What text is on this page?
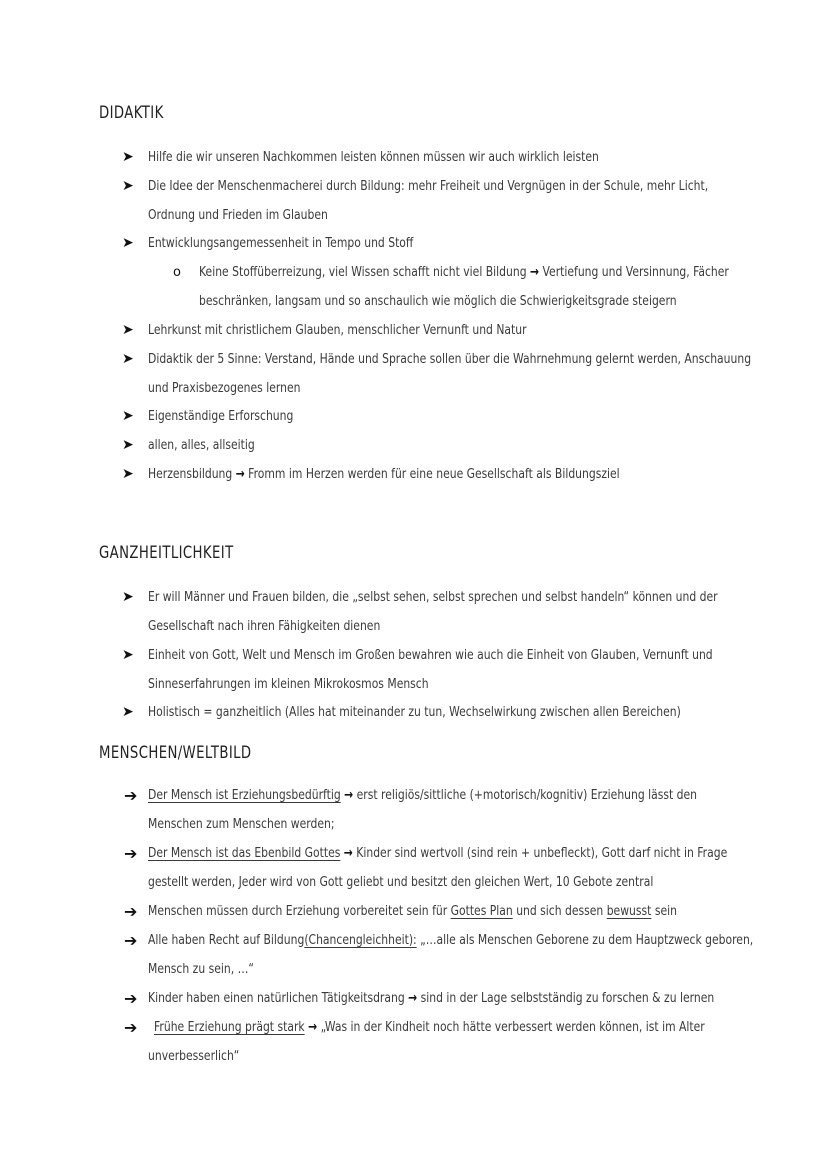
DIDAKTIK
➤ Hilfe die wir unseren Nachkommen leisten können müssen wir auch wirklich leisten
➤ Die Idee der Menschenmacherei durch Bildung: mehr Freiheit und Vergnügen in der Schule, mehr Licht,
Ordnung und Frieden im Glauben
➤ Entwicklungsangemessenheit in Tempo und Stoff
o Keine Stoffüberreizung, viel Wissen schafft nicht viel Bildung → Vertiefung und Versinnung, Fächer
beschränken, langsam und so anschaulich wie möglich die Schwierigkeitsgrade steigern
➤ Lehrkunst mit christlichem Glauben, menschlicher Vernunft und Natur
➤ Didaktik der 5 Sinne: Verstand, Hände und Sprache sollen über die Wahrnehmung gelernt werden, Anschauung
und Praxisbezogenes lernen
➤ Eigenständige Erforschung
➤ allen, alles, allseitig
➤ Herzensbildung → Fromm im Herzen werden für eine neue Gesellschaft als Bildungsziel
GANZHEITLICHKEIT
➤ Er will Männer und Frauen bilden, die „selbst sehen, selbst sprechen und selbst handeln“ können und der
Gesellschaft nach ihren Fähigkeiten dienen
➤ Einheit von Gott, Welt und Mensch im Großen bewahren wie auch die Einheit von Glauben, Vernunft und
Sinneserfahrungen im kleinen Mikrokosmos Mensch
➤ Holistisch = ganzheitlich (Alles hat miteinander zu tun, Wechselwirkung zwischen allen Bereichen)
MENSCHEN/WELTBILD
➔ Der Mensch ist Erziehungsbedürftig → erst religiös/sittliche (+motorisch/kognitiv) Erziehung lässt den
Menschen zum Menschen werden;
➔ Der Mensch ist das Ebenbild Gottes → Kinder sind wertvoll (sind rein + unbefleckt), Gott darf nicht in Frage
gestellt werden, Jeder wird von Gott geliebt und besitzt den gleichen Wert, 10 Gebote zentral
➔ Menschen müssen durch Erziehung vorbereitet sein für Gottes Plan und sich dessen bewusst sein
➔ Alle haben Recht auf Bildung(Chancengleichheit): „…alle als Menschen Geborene zu dem Hauptzweck geboren,
Mensch zu sein, …“
➔ Kinder haben einen natürlichen Tätigkeitsdrang → sind in der Lage selbstständig zu forschen & zu lernen
➔ Frühe Erziehung prägt stark → „Was in der Kindheit noch hätte verbessert werden können, ist im Alter
unverbesserlich“
